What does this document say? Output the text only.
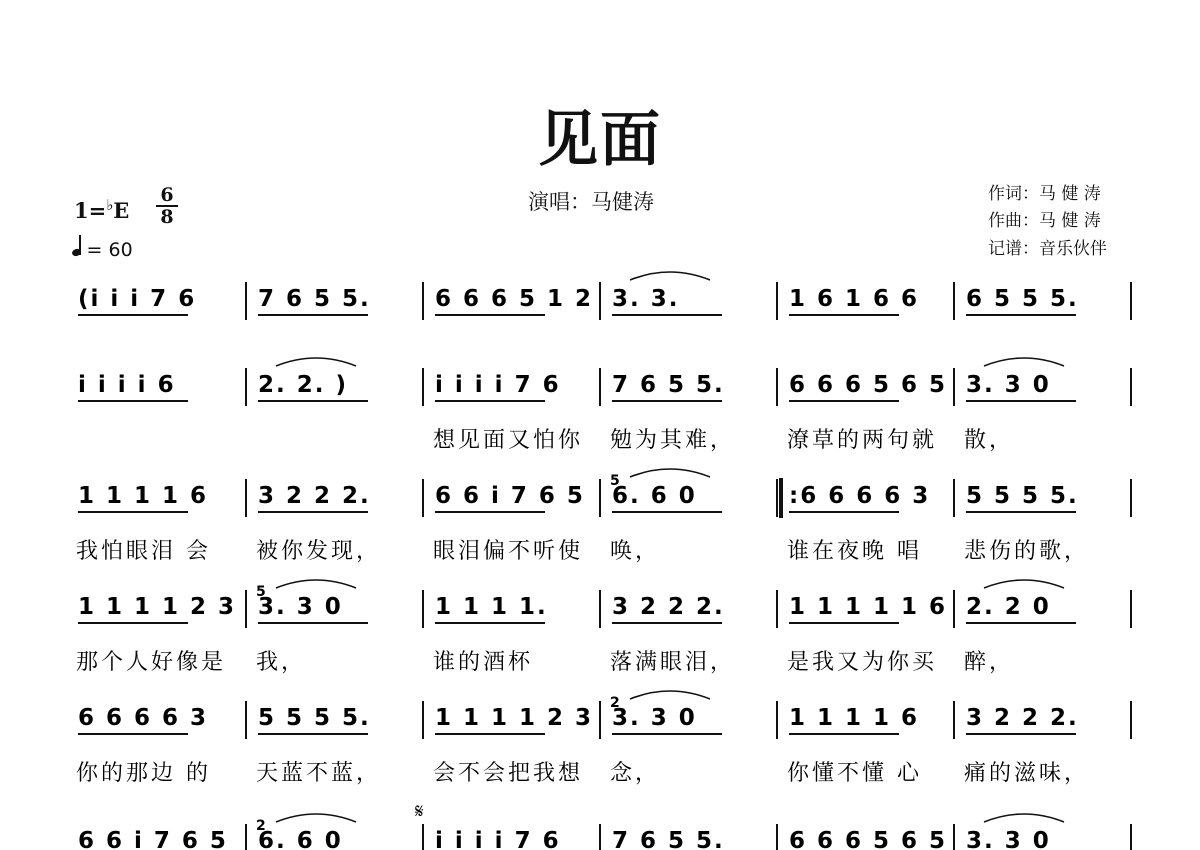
见面
演唱：马健涛	作词：马 健 涛
作曲：马 健 涛
记谱：音乐伙伴
1=♭E
6
8
= 60
(i i i 7 6	7 6 5 5.	6 6 6 5 1 2 3. 3.	1 6 1 6 6 6 5 5 5.
i i i i 6	2. 2. )	i i i i 7 6 7 6 5 5.	6 6 6 5 6 5 3. 3 0
想见面又怕你 勉为其难， 潦草的两句就 散，
1 1 1 1 6 3 2 2 2.	6 6 i 7 6 5 6. 6 0	:6 6 6 6 3 5 5 5 5.
我怕眼泪 会 被你发现， 眼泪偏不听使 唤，	谁在夜晚 唱 悲伤的歌，
1 1 1 1 2 3 3. 3 0	1 1 1 1.	3 2 2 2.	1 1 1 1 1 6 2. 2 0
那个人好像是 我，	谁的酒杯	落满眼泪， 是我又为你买 醉，
6 6 6 6 3 5 5 5 5.	1 1 1 1 2 3 3. 3 0	1 1 1 1 6 3 2 2 2.
你的那边 的 天蓝不蓝， 会不会把我想 念，	你懂不懂 心 痛的滋味，
6 6 i 7 6 5 6. 6 0	i i i i 7 6 7 6 5 5.	6 6 6 5 6 5 3. 3 0
5
5
2
2
𝄋
